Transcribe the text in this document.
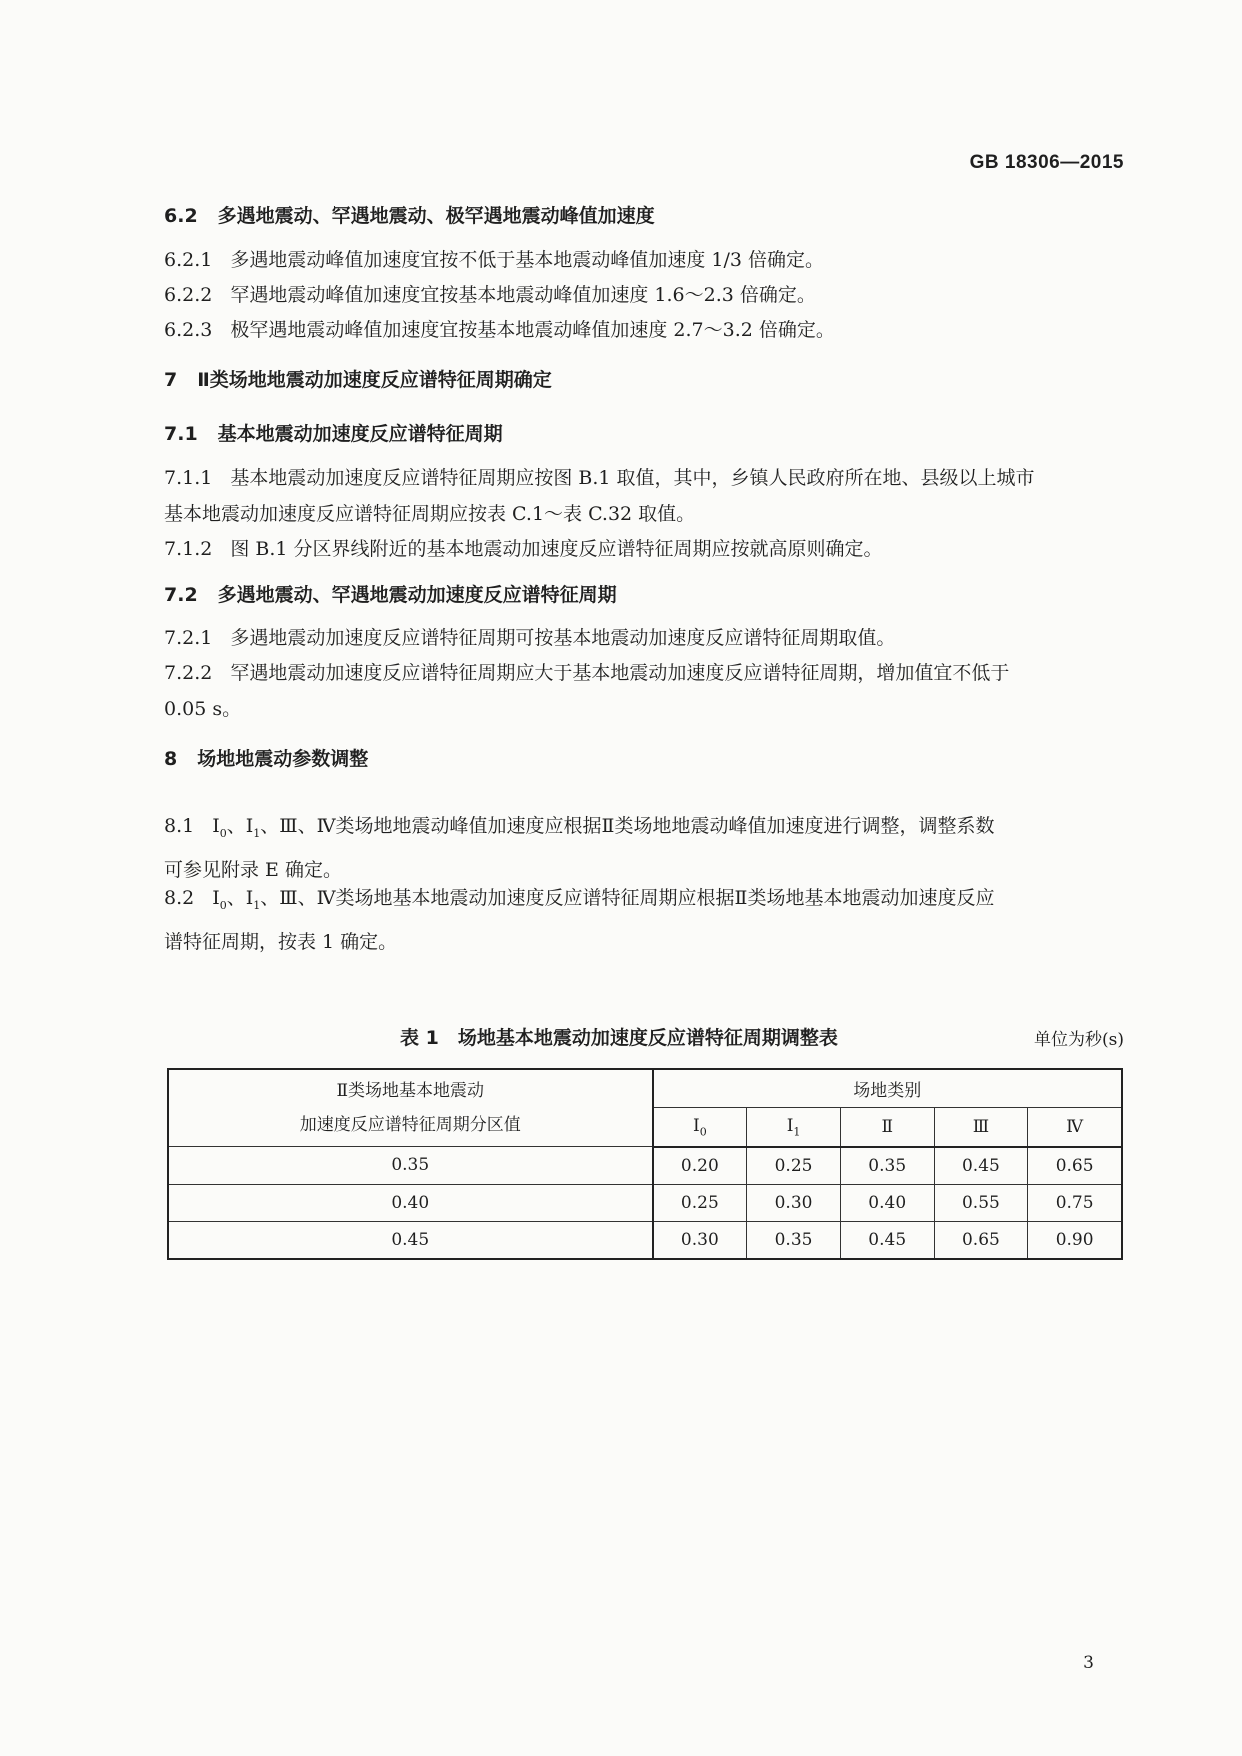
GB 18306—2015
6.2 多遇地震动、罕遇地震动、极罕遇地震动峰值加速度
6.2.1 多遇地震动峰值加速度宜按不低于基本地震动峰值加速度 1/3 倍确定。
6.2.2 罕遇地震动峰值加速度宜按基本地震动峰值加速度 1.6～2.3 倍确定。
6.2.3 极罕遇地震动峰值加速度宜按基本地震动峰值加速度 2.7～3.2 倍确定。
7 Ⅱ类场地地震动加速度反应谱特征周期确定
7.1 基本地震动加速度反应谱特征周期
7.1.1 基本地震动加速度反应谱特征周期应按图 B.1 取值，其中，乡镇人民政府所在地、县级以上城市
基本地震动加速度反应谱特征周期应按表 C.1～表 C.32 取值。
7.1.2 图 B.1 分区界线附近的基本地震动加速度反应谱特征周期应按就高原则确定。
7.2 多遇地震动、罕遇地震动加速度反应谱特征周期
7.2.1 多遇地震动加速度反应谱特征周期可按基本地震动加速度反应谱特征周期取值。
7.2.2 罕遇地震动加速度反应谱特征周期应大于基本地震动加速度反应谱特征周期，增加值宜不低于
0.05 s。
8 场地地震动参数调整
8.1 $Ⅰ_0$、$Ⅰ_1$、Ⅲ、Ⅳ类场地地震动峰值加速度应根据Ⅱ类场地地震动峰值加速度进行调整，调整系数
可参见附录 E 确定。
8.2 $Ⅰ_0$、$Ⅰ_1$、Ⅲ、Ⅳ类场地基本地震动加速度反应谱特征周期应根据Ⅱ类场地基本地震动加速度反应
谱特征周期，按表 1 确定。
表 1　场地基本地震动加速度反应谱特征周期调整表	单位为秒(s)
Ⅱ类场地基本地震动
加速度反应谱特征周期分区值	场地类别				
	$Ⅰ_0$	$Ⅰ_1$	Ⅱ	Ⅲ	Ⅳ
0.35	0.20	0.25	0.35	0.45	0.65
0.40	0.25	0.30	0.40	0.55	0.75
0.45	0.30	0.35	0.45	0.65	0.90
3
